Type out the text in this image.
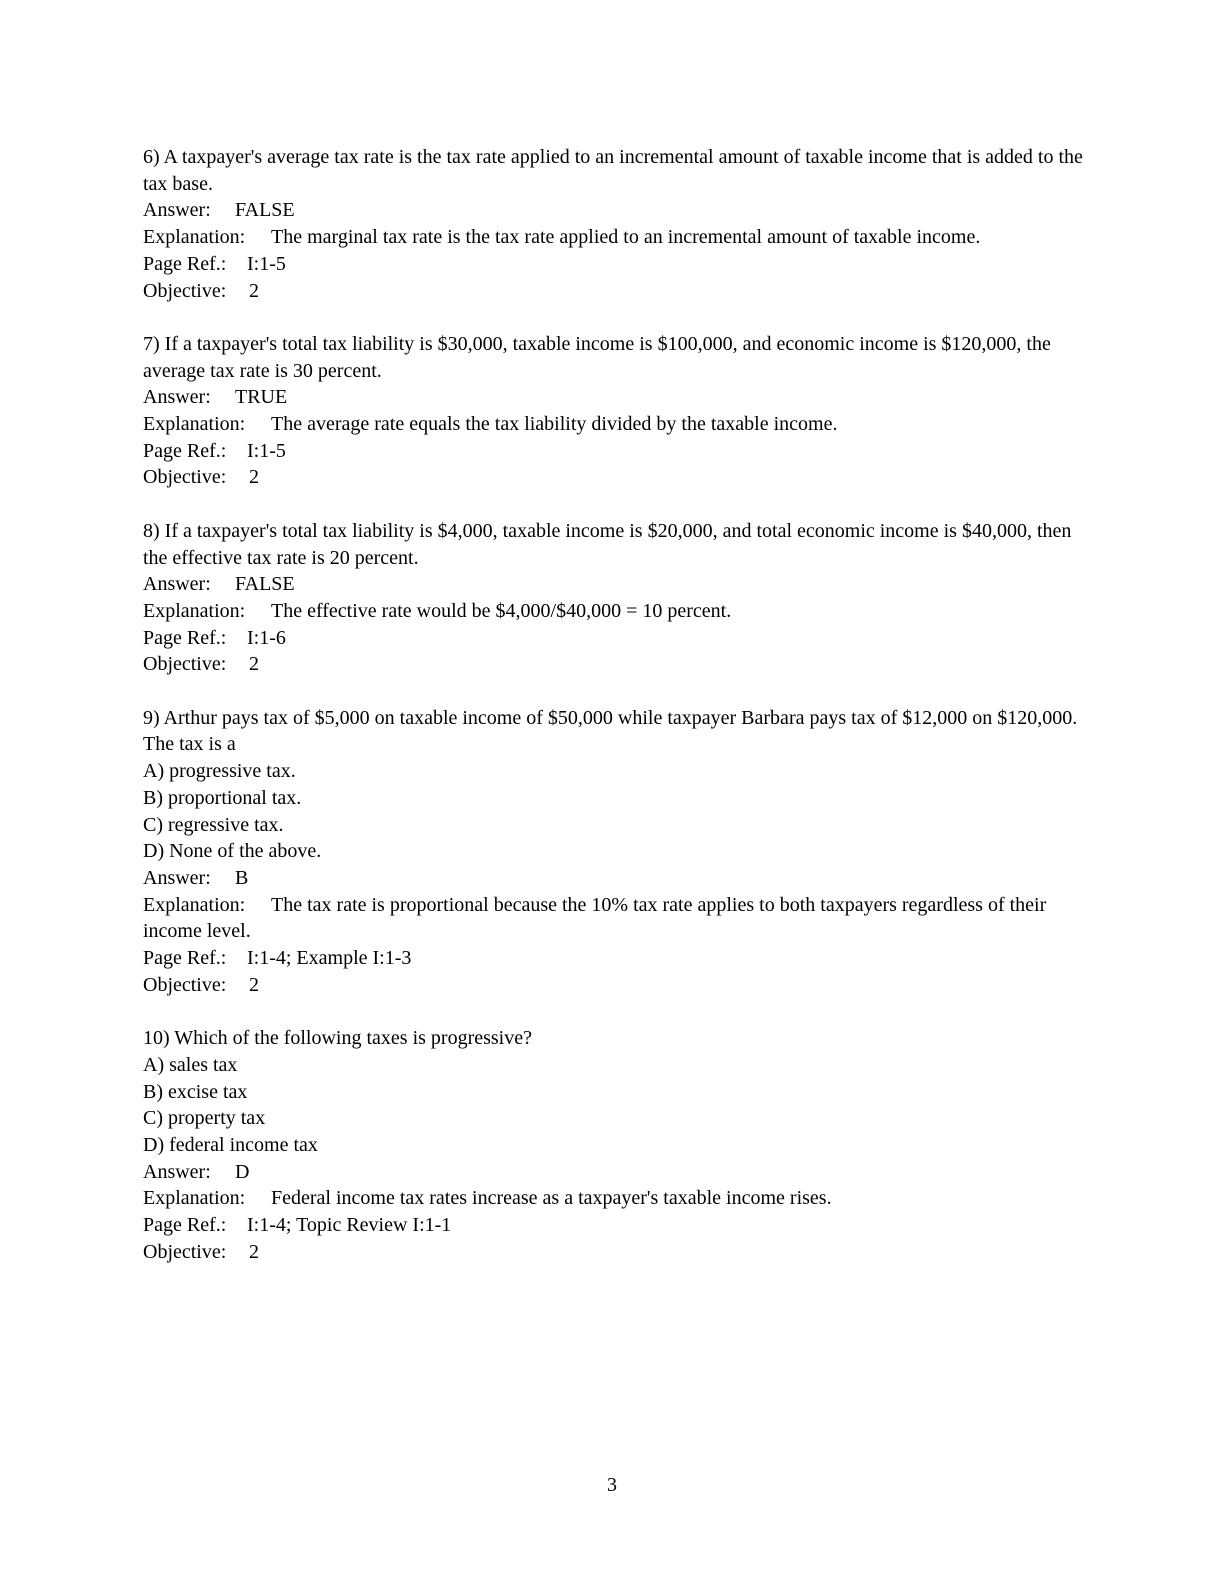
6) A taxpayer's average tax rate is the tax rate applied to an incremental amount of taxable income that is added to the tax base.
Answer: FALSE
Explanation: The marginal tax rate is the tax rate applied to an incremental amount of taxable income.
Page Ref.: I:1-5
Objective: 2
7) If a taxpayer's total tax liability is $30,000, taxable income is $100,000, and economic income is $120,000, the average tax rate is 30 percent.
Answer: TRUE
Explanation: The average rate equals the tax liability divided by the taxable income.
Page Ref.: I:1-5
Objective: 2
8) If a taxpayer's total tax liability is $4,000, taxable income is $20,000, and total economic income is $40,000, then the effective tax rate is 20 percent.
Answer: FALSE
Explanation: The effective rate would be $4,000/$40,000 = 10 percent.
Page Ref.: I:1-6
Objective: 2
9) Arthur pays tax of $5,000 on taxable income of $50,000 while taxpayer Barbara pays tax of $12,000 on $120,000. The tax is a
A) progressive tax.
B) proportional tax.
C) regressive tax.
D) None of the above.
Answer: B
Explanation: The tax rate is proportional because the 10% tax rate applies to both taxpayers regardless of their income level.
Page Ref.: I:1-4; Example I:1-3
Objective: 2
10) Which of the following taxes is progressive?
A) sales tax
B) excise tax
C) property tax
D) federal income tax
Answer: D
Explanation: Federal income tax rates increase as a taxpayer's taxable income rises.
Page Ref.: I:1-4; Topic Review I:1-1
Objective: 2
3
